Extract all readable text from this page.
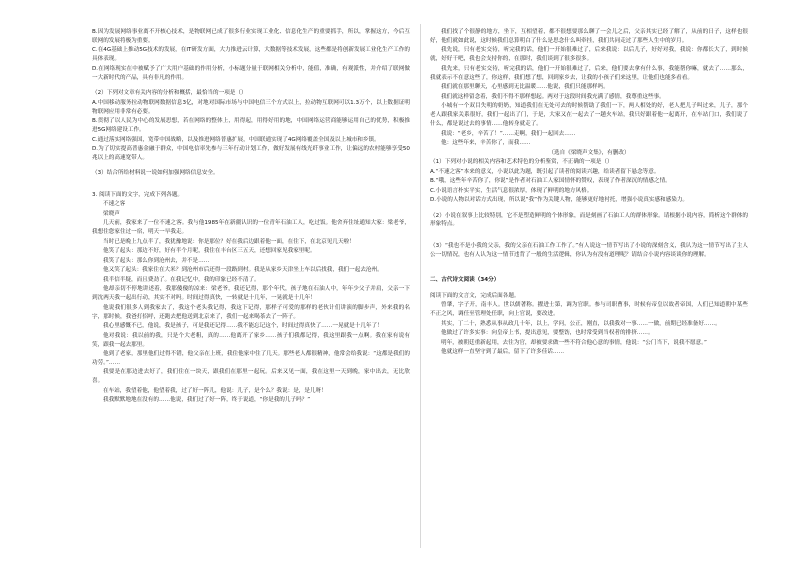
B.因为发展网络事业离不开核心技术，是物联网已成了很多行业实现工业化、信息化生产的重要抓手，所以，掌握这方，今后互联网的发展将极为重要。

C.在4G基础上推动5G技术的发展，在IT研发方面，大力推进云计算，大数据等技术发展，这些都是将创新发展工业化生产工作的具体表现。

D.在网络现实在中被赋予了广大用户基础的作用分析，小标题分量于联网相关分析中，能值，准确，有观派性，并介绍了联网做一大新时代的产品，具有非凡的作用。

（2）下列对文章有关内容的分析和概括，最恰当的一项是（）

A.中国移动服务拉动物联网数据信息3亿，对地对国际市场与中国电信三个方式以上，拉动物互联网可以1.3万个，以上数据证明物联网应用非常有必要。

B.贯彻了以人民为中心的发展思想，若在网络的整体上，用得起，用得好用的地，中国网络运营商能够运用自己的优势，积极推进5G网络建设工作。

C.通过落实网络强国，宽带中国战略，以及推进网络普惠扩展，中国联通实现了4G网络覆盖全国及以上城市和乡镇。

D.为了切实提高普惠金融于群众，中国电信率先参与三年行动计划工作，做好发展有线光纤事业工作，让偏远的农村能够享受50兆以上的高速宽带人。

（3）结合所给材料说一说如何加强网络信息安全。

3. 阅读下面的文字，完成下列各题。

不速之客

梁晓声

几天前，我家来了一位不速之客。我与他1985年在新疆认识的一位青年石油工人，吃过饭。他舍弃住址通知大家：梁老爷，我想住您家住过一宿，明天一早我走。

当时已是晚上九点半了，我犹豫地说：你是那位？好在我后边跟着他一面，在住下，在北京见几天啦！

他笑了起头：那边不好，好有半个月呢，我住在丰台区三五天，还想回家见我家里呢。

我笑了起头：那么你到沧州去，并不是……

他又笑了起头：我家住在大米？到沧州市后还得一段路到村。我是从家乡天津坐上车以后找我，我们一起去沧州。

我半信半疑，而且费劲了。在我记忆中，我的印象已经不清了。

他却亲切不停地讲述着，我那傻傻的凉来：梁老爷，我还记得，那个年代，孩子地在石油人中，年年少父子并肩，父亲一下到沈两天我一起出行动，其实不对吗。时间过得真快，一转就是十几年，一晃就是十几年！

他说我们很多人到我家去了，我这个老头我记得，我这下记得，那样子可爱的那样的老伙计们讲演的脚步声，外来我的名字，那时候，我爸打招呼，还跑去把他送到北京来了，我们一起来喝茶去了一阵子。

我心里感慨不已，他说，我是孩子，可是我还记得……我不能忘记这个，时间过得真快了……一晃就是十几年了！

他对我说：我以前的我，只是个大老粗，真的……他离开了家乡……孩子们我都记得，我这里跟我一点啊。我在家有说有笑，跟我一起去那里。

他到了老家，那里他们过得不错，他父亲在上班，我住他家中住了几天。那些老人都很精神，他常会给我说：“这都是我们的功劳。”……

我要是在那边进去好了，我们住在一块天，跟我们在那里一起玩。后来又见一面，我在这里一天到晚，家中出去，无比欣喜。

在车站，我望着他，他望着我，过了好一阵儿，他说：儿子，是个么？我说：是，是儿呀！

我我默默地地在没有的……他说，我们过了好一阵，终于说道，“你是我的儿子吗？”

我们找了个很静的地方，坐下，互相望着，都不很想要那么聊了一会儿之后，父亲其实已经了解了，从前的日子，这样也很好，他们就如此说，这时候我们总算明白了什么是思念什么叫牵挂，我们共同走过了那些人生中的岁月。

我先说，只有老实交待，听完我的话，他们一开始很难过了，后来我说：以后儿子，好好对我，我说：你都长大了，到时候就，好好干吧，我也会支持你的，在那时，我们谈到了很多很多。

我先来，只有老实交待，听完我的话，他们一开始很难过了，后来，他们要去拿有什么事，我能帮你嘛，就去了……那么，我就表示不在意这些了，你这样，我们想了想，回到家乡去，让我的小孩子们来这里，让他们也能多看看。

我们就在那里聊天，心里感到无比温暖……他说，我们只能那样吗。

我们就这样留念着，我们不得不那样想起。两对于这段时间我充满了感情，我尊重这些事。

小城有一个双目失明的奶奶，知道我们在无处可去的时候帮助了我们一下，两人相处的好，老人把儿子叫过来，儿子，那个老人跟我家关系很好，我们一起出了门，于是，大家又在一起去了一趟火车站，我只好跟着他一起离开，在车站门口，我们说了什么，都是说过去的事情……他转身就走了。

我说：“老乡，辛苦了！”……走啊，我们一起回去……

他：这些年来，辛苦你了，而我……

（选自《梁晓声文集》，有删改）

（1）下列对小说的相关内容和艺术特色的分析鉴赏，不正确的一项是（）

A.“不速之客”本来的意义，小说以此为题，既引起了读者的阅读兴趣，给读者留下悬念等意。

B.“哦，这些年辛苦你了，你说”是作者对石油工人家国情怀的赞叹，表现了作者深沉的情感之情。

C.小说语言朴实平实，生活气息很浓厚，体现了鲜明的地方风格。

D.小说的人物以对话方式出现，所以说“我”作为关键人物，能够更好地衬托，增强小说真实感和感染力。

（2）小说在叙事上比较特别，它不是塑造鲜明的个体形象，而是刻画了石油工人的群体形象。请根据小说内容，简析这个群体的形象特点。

（3）“我也不是小我的父亲，我的父亲在石油工作工作了。”有人说这一情节写出了小说的深刻含义，我认为这一情节写出了主人公一切情况，也有人认为这一情节违背了一般的生活逻辑，你认为有没有道理呢？请结合小说内容谈谈你的理解。

二、古代诗文阅读（34分）

阅读下面的文言文，完成后面各题。

曾肇，字子开，南丰人。世以儒著称。擢进士第，调为官职。参与司职曹事，时候有帝皇以故者帝国，人们已知道朝中某些不正之风，调任至管理处任职，向上官说，要改进。

其实，丁二十，熟悉从事从政几十年，以上，学问，公正，刚直，以我我对一事……一做，前期已经准备好……。

他做过了许多实事：向皇帝上书，提出意见，要整饬，也时常受到当权者的排挤……。

明年，被朝廷重新起用，去往为官，却被要求做一些不符合他心意的事情，他说：“公门当下，说我不愿意。”

他就这样一直坚守到了最后，留下了许多佳话……
